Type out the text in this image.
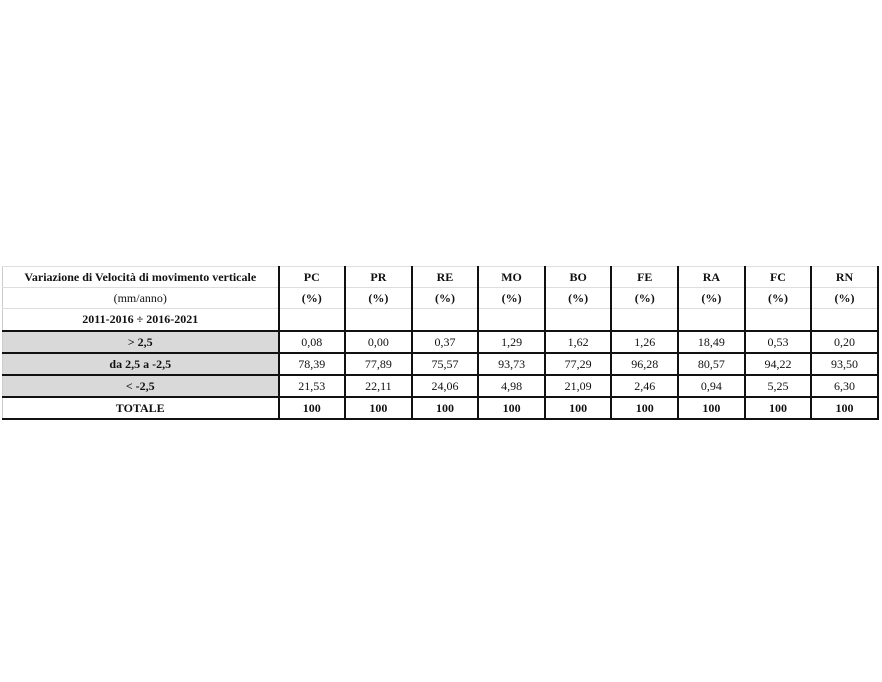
Variazione di Velocità di movimento verticale	PC	PR	RE	MO	BO	FE	RA	FC	RN
(mm/anno)	(%)	(%)	(%)	(%)	(%)	(%)	(%)	(%)	(%)
2011-2016 ÷ 2016-2021									
> 2,5	0,08	0,00	0,37	1,29	1,62	1,26	18,49	0,53	0,20
da 2,5 a -2,5	78,39	77,89	75,57	93,73	77,29	96,28	80,57	94,22	93,50
< -2,5	21,53	22,11	24,06	4,98	21,09	2,46	0,94	5,25	6,30
TOTALE	100	100	100	100	100	100	100	100	100
